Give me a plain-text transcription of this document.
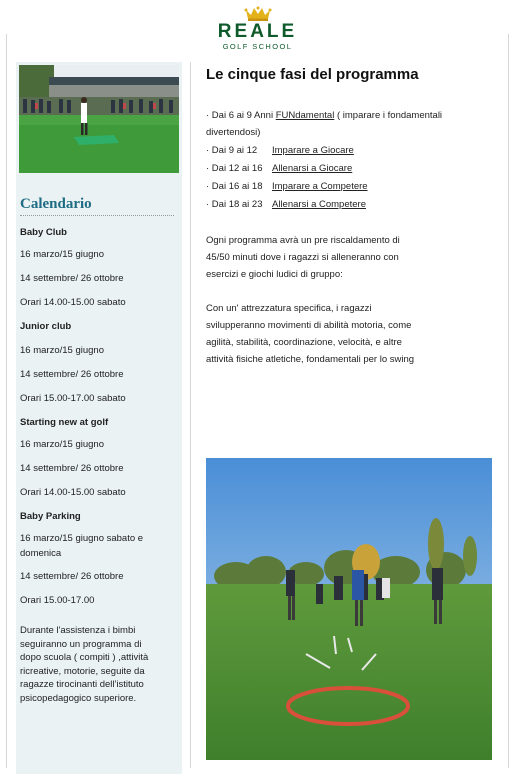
REALE
GOLF SCHOOL
Calendario
Baby Club
16 marzo/15 giugno
14 settembre/ 26 ottobre
Orari 14.00-15.00 sabato
Junior club
16 marzo/15 giugno
14 settembre/ 26 ottobre
Orari 15.00-17.00 sabato
Starting new at golf
16 marzo/15 giugno
14 settembre/ 26 ottobre
Orari 14.00-15.00 sabato
Baby Parking
16 marzo/15 giugno sabato e
domenica
14 settembre/ 26 ottobre
Orari 15.00-17.00
Durante l'assistenza i bimbi
seguiranno un programma di
dopo scuola ( compiti ) ,attività
ricreative, motorie, seguite da
ragazze tirocinanti dell'istituto
psicopedagogico superiore.
Le cinque fasi del programma
· Dai 6 ai 9 Anni FUNdamental ( imparare i fondamentali
divertendosi)
· Dai 9 ai 12 Imparare a Giocare
· Dai 12 ai 16 Allenarsi a Giocare
· Dai 16 ai 18 Imparare a Competere
· Dai 18 ai 23 Allenarsi a Competere
Ogni programma avrà un pre riscaldamento di
45/50 minuti dove i ragazzi si alleneranno con
esercizi e giochi ludici di gruppo:
Con un' attrezzatura specifica, i ragazzi
svilupperanno movimenti di abilità motoria, come
agilità, stabilità, coordinazione, velocità, e altre
attività fisiche atletiche, fondamentali per lo swing
